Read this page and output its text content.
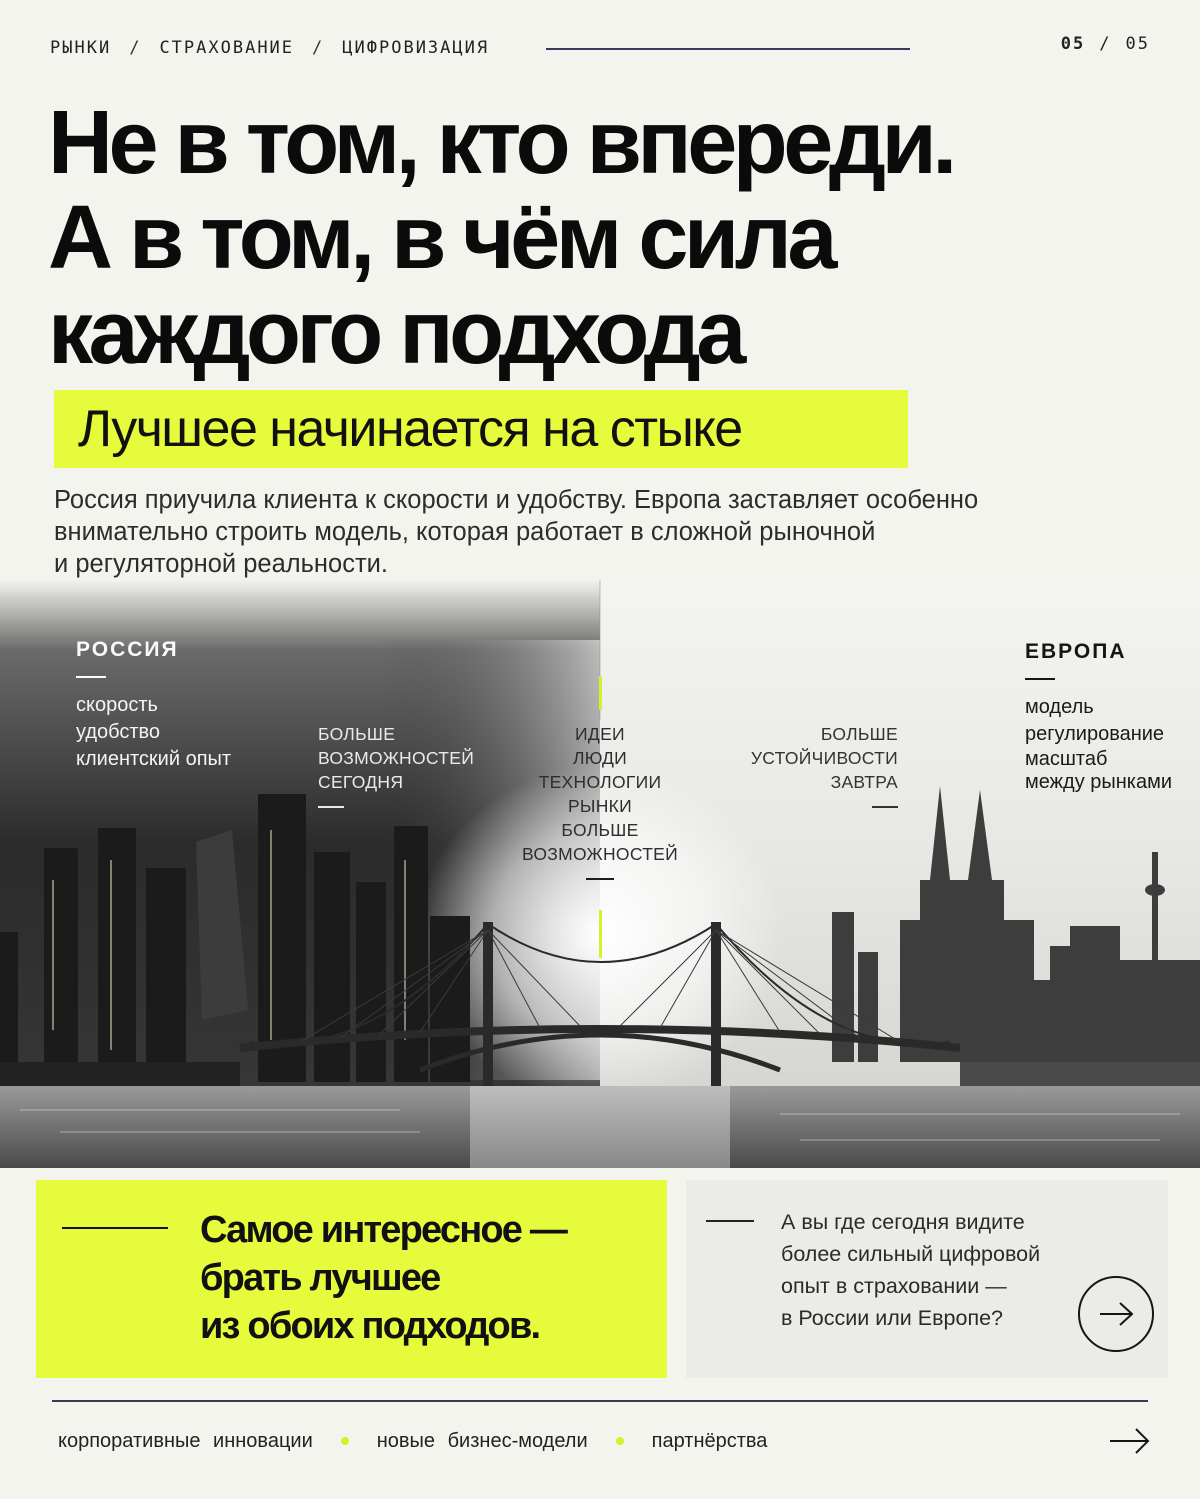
РЫНКИ / СТРАХОВАНИЕ / ЦИФРОВИЗАЦИЯ	05 / 05
Не в том, кто впереди.
А в том, в чём сила
каждого подхода
Лучшее начинается на стыке

Россия приучила клиента к скорости и удобству. Европа заставляет особенно
внимательно строить модель, которая работает в сложной рыночной
и регуляторной реальности.

РОССИЯ
скорость
удобство
клиентский опыт
ЕВРОПА
модель
регулирование
масштаб
между рынками
БОЛЬШЕ
ВОЗМОЖНОСТЕЙ
СЕГОДНЯ
ИДЕИ
ЛЮДИ
ТЕХНОЛОГИИ
РЫНКИ
БОЛЬШЕ
ВОЗМОЖНОСТЕЙ
БОЛЬШЕ
УСТОЙЧИВОСТИ
ЗАВТРА
Самое интересное —
брать лучшее
из обоих подходов.
А вы где сегодня видите
более сильный цифровой
опыт в страховании —
в России или Европе?
корпоративные инновации	новые бизнес-модели	партнёрства
